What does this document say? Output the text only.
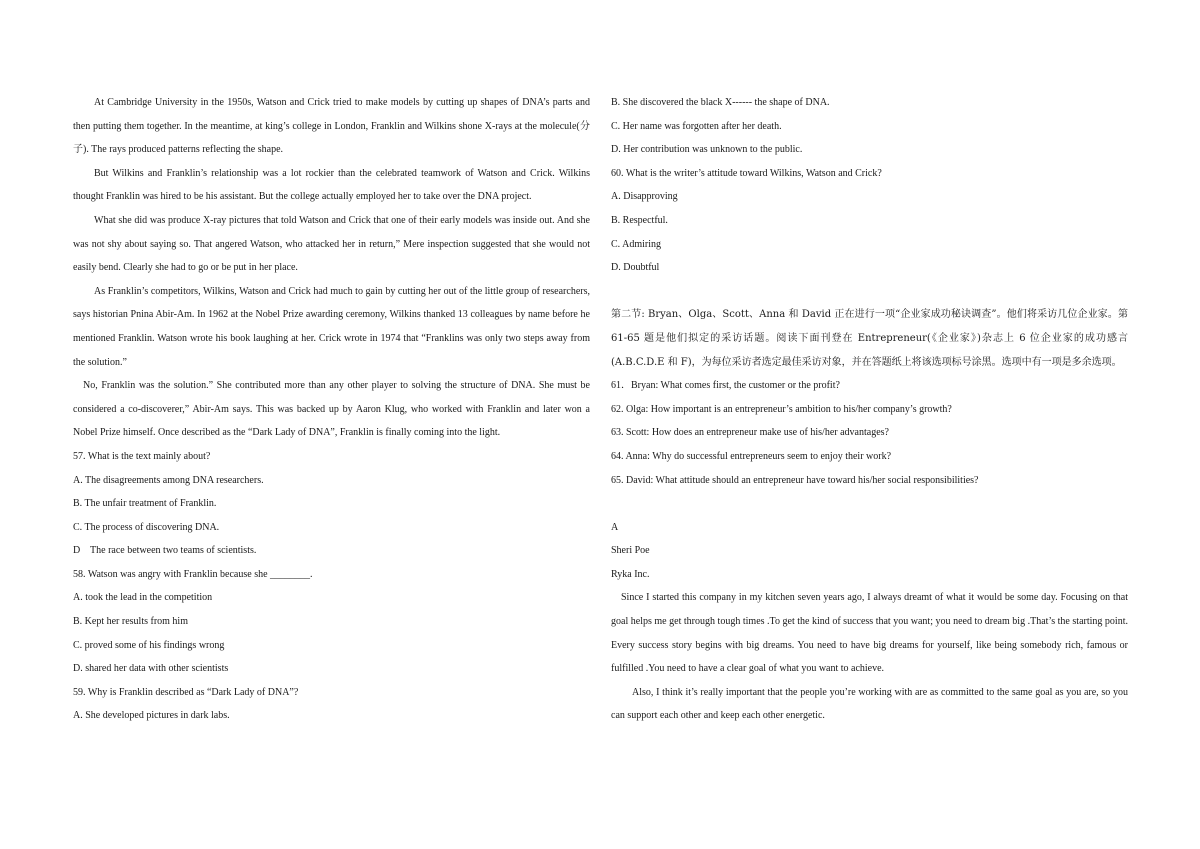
At Cambridge University in the 1950s, Watson and Crick tried to make models by cutting up shapes of DNA’s parts and then putting them together. In the meantime, at king’s college in London, Franklin and Wilkins shone X-rays at the molecule(分子). The rays produced patterns reflecting the shape.

But Wilkins and Franklin’s relationship was a lot rockier than the celebrated teamwork of Watson and Crick. Wilkins thought Franklin was hired to be his assistant. But the college actually employed her to take over the DNA project.

What she did was produce X-ray pictures that told Watson and Crick that one of their early models was inside out. And she was not shy about saying so. That angered Watson, who attacked her in return,” Mere inspection suggested that she would not easily bend. Clearly she had to go or be put in her place.

As Franklin’s competitors, Wilkins, Watson and Crick had much to gain by cutting her out of the little group of researchers, says historian Pnina Abir-Am. In 1962 at the Nobel Prize awarding ceremony, Wilkins thanked 13 colleagues by name before he mentioned Franklin. Watson wrote his book laughing at her. Crick wrote in 1974 that “Franklins was only two steps away from the solution.”

No, Franklin was the solution.” She contributed more than any other player to solving the structure of DNA. She must be considered a co-discoverer,” Abir-Am says. This was backed up by Aaron Klug, who worked with Franklin and later won a Nobel Prize himself. Once described as the “Dark Lady of DNA”, Franklin is finally coming into the light.

57. What is the text mainly about?

A. The disagreements among DNA researchers.

B. The unfair treatment of Franklin.

C. The process of discovering DNA.

D    The race between two teams of scientists.

58. Watson was angry with Franklin because she ________.

A. took the lead in the competition

B. Kept her results from him

C. proved some of his findings wrong

D. shared her data with other scientists

59. Why is Franklin described as “Dark Lady of DNA”?

A. She developed pictures in dark labs.

B. She discovered the black X------ the shape of DNA.

C. Her name was forgotten after her death.

D. Her contribution was unknown to the public.

60. What is the writer’s attitude toward Wilkins, Watson and Crick?

A. Disapproving

B. Respectful.

C. Admiring

D. Doubtful

第二节: Bryan、Olga、Scott、Anna 和 David 正在进行一项“企业家成功秘诀调查”。他们将采访几位企业家。第 61-65 题是他们拟定的采访话题。阅读下面刊登在 Entrepreneur(《企业家》)杂志上 6 位企业家的成功感言(A.B.C.D.E 和 F)，为每位采访者选定最佳采访对象，并在答题纸上将该选项标号涂黑。选项中有一项是多余选项。

61．Bryan: What comes first, the customer or the profit?

62. Olga: How important is an entrepreneur’s ambition to his/her company’s growth?

63. Scott: How does an entrepreneur make use of his/her advantages?

64. Anna: Why do successful entrepreneurs seem to enjoy their work?

65. David: What attitude should an entrepreneur have toward his/her social responsibilities?

A

Sheri Poe

Ryka Inc.

Since I started this company in my kitchen seven years ago, I always dreamt of what it would be some day. Focusing on that goal helps me get through tough times .To get the kind of success that you want; you need to dream big .That’s the starting point. Every success story begins with big dreams. You need to have big dreams for yourself, like being somebody rich, famous or fulfilled .You need to have a clear goal of what you want to achieve.

Also, I think it’s really important that the people you’re working with are as committed to the same goal as you are, so you can support each other and keep each other energetic.
